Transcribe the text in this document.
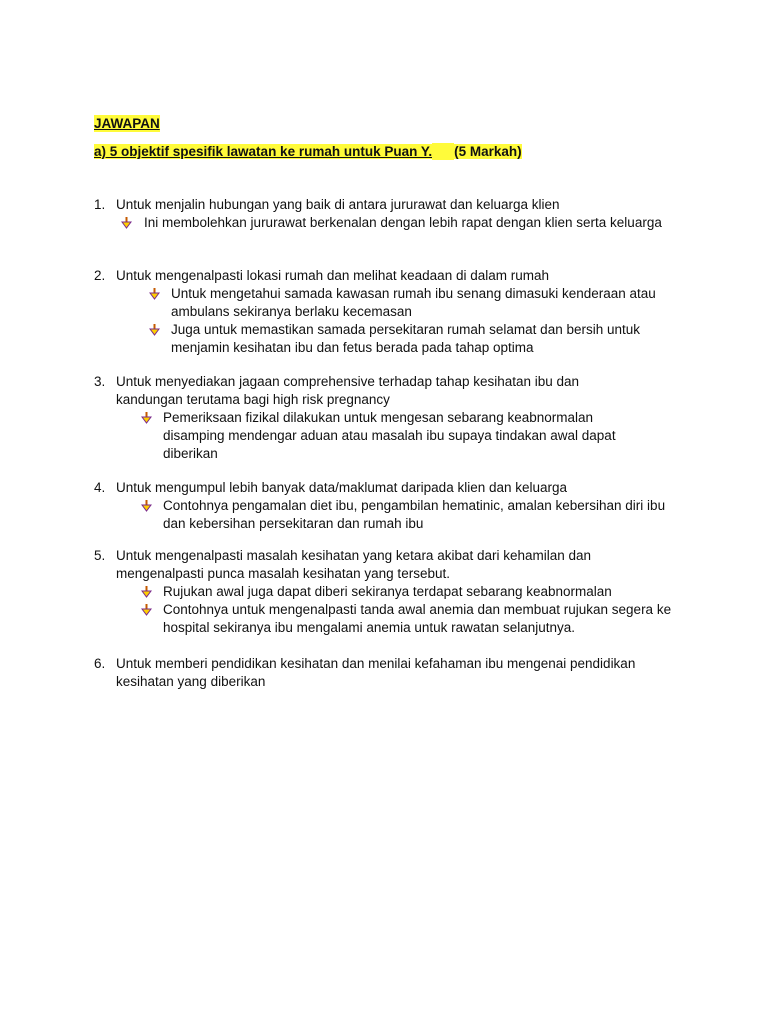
JAWAPAN
a) 5 objektif spesifik lawatan ke rumah untuk Puan Y. (5 Markah)
1. Untuk menjalin hubungan yang baik di antara jururawat dan keluarga klien
Ini membolehkan jururawat berkenalan dengan lebih rapat dengan klien serta keluarga
2. Untuk mengenalpasti lokasi rumah dan melihat keadaan di dalam rumah
Untuk mengetahui samada kawasan rumah ibu senang dimasuki kenderaan atau ambulans sekiranya berlaku kecemasan
Juga untuk memastikan samada persekitaran rumah selamat dan bersih untuk menjamin kesihatan ibu dan fetus berada pada tahap optima
3. Untuk menyediakan jagaan comprehensive terhadap tahap kesihatan ibu dan kandungan terutama bagi high risk pregnancy
Pemeriksaan fizikal dilakukan untuk mengesan sebarang keabnormalan disamping mendengar aduan atau masalah ibu supaya tindakan awal dapat diberikan
4. Untuk mengumpul lebih banyak data/maklumat daripada klien dan keluarga
Contohnya pengamalan diet ibu, pengambilan hematinic, amalan kebersihan diri ibu dan kebersihan persekitaran dan rumah ibu
5. Untuk mengenalpasti masalah kesihatan yang ketara akibat dari kehamilan dan mengenalpasti punca masalah kesihatan yang tersebut.
Rujukan awal juga dapat diberi sekiranya terdapat sebarang keabnormalan
Contohnya untuk mengenalpasti tanda awal anemia dan membuat rujukan segera ke hospital sekiranya ibu mengalami anemia untuk rawatan selanjutnya.
6. Untuk memberi pendidikan kesihatan dan menilai kefahaman ibu mengenai pendidikan kesihatan yang diberikan
